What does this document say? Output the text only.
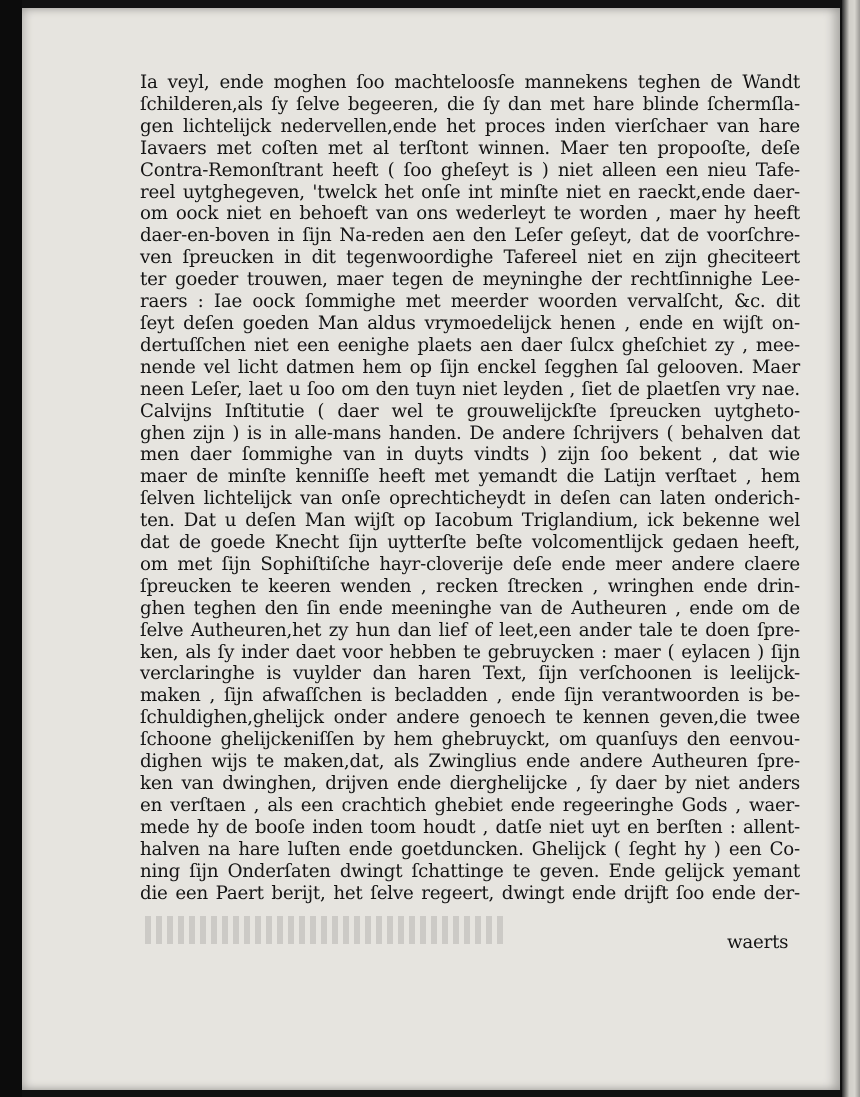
Ia veyl, ende moghen ſoo machteloosſe mannekens teghen de Wandt
ſchilderen,als ſy ſelve begeeren, die ſy dan met hare blinde ſchermſla-
gen lichtelijck nedervellen,ende het proces inden vierſchaer van hare
Iavaers met coſten met al terſtont winnen. Maer ten propooſte, deſe
Contra-Remonſtrant heeft ( ſoo gheſeyt is ) niet alleen een nieu Tafe-
reel uytghegeven, 'twelck het onſe int minſte niet en raeckt,ende daer-
om oock niet en behoeft van ons wederleyt te worden , maer hy heeft
daer-en-boven in ſijn Na-reden aen den Leſer geſeyt, dat de voorſchre-
ven ſpreucken in dit tegenwoordighe Tafereel niet en zijn gheciteert
ter goeder trouwen, maer tegen de meyninghe der rechtſinnighe Lee-
raers : Iae oock ſommighe met meerder woorden vervalſcht, &c. dit
ſeyt deſen goeden Man aldus vrymoedelijck henen , ende en wijſt on-
dertuſſchen niet een eenighe plaets aen daer ſulcx gheſchiet zy , mee-
nende vel licht datmen hem op ſijn enckel ſegghen ſal gelooven. Maer
neen Leſer, laet u ſoo om den tuyn niet leyden , ſiet de plaetſen vry nae.
Calvijns Inſtitutie ( daer wel te grouwelijckſte ſpreucken uytgheto-
ghen zijn ) is in alle-mans handen. De andere ſchrijvers ( behalven dat
men daer ſommighe van in duyts vindts ) zijn ſoo bekent , dat wie
maer de minſte kenniſſe heeft met yemandt die Latijn verſtaet , hem
ſelven lichtelijck van onſe oprechticheydt in deſen can laten onderich-
ten. Dat u deſen Man wijſt op Iacobum Triglandium, ick bekenne wel
dat de goede Knecht ſijn uytterſte beſte volcomentlijck gedaen heeft,
om met ſijn Sophiſtiſche hayr-cloverije deſe ende meer andere claere
ſpreucken te keeren wenden , recken ſtrecken , wringhen ende drin-
ghen teghen den ſin ende meeninghe van de Autheuren , ende om de
ſelve Autheuren,het zy hun dan lief of leet,een ander tale te doen ſpre-
ken, als ſy inder daet voor hebben te gebruycken : maer ( eylacen ) ſijn
verclaringhe is vuylder dan haren Text, ſijn verſchoonen is leelijck-
maken , ſijn afwaſſchen is becladden , ende ſijn verantwoorden is be-
ſchuldighen,ghelijck onder andere genoech te kennen geven,die twee
ſchoone ghelijckeniſſen by hem ghebruyckt, om quanſuys den eenvou-
dighen wijs te maken,dat, als Zwinglius ende andere Autheuren ſpre-
ken van dwinghen, drijven ende dierghelijcke , ſy daer by niet anders
en verſtaen , als een crachtich ghebiet ende regeeringhe Gods , waer-
mede hy de booſe inden toom houdt , datſe niet uyt en berſten : allent-
halven na hare luſten ende goetduncken. Ghelijck ( ſeght hy ) een Co-
ning ſijn Onderſaten dwingt ſchattinge te geven. Ende gelijck yemant
die een Paert berijt, het ſelve regeert, dwingt ende drijft ſoo ende der-
waerts
